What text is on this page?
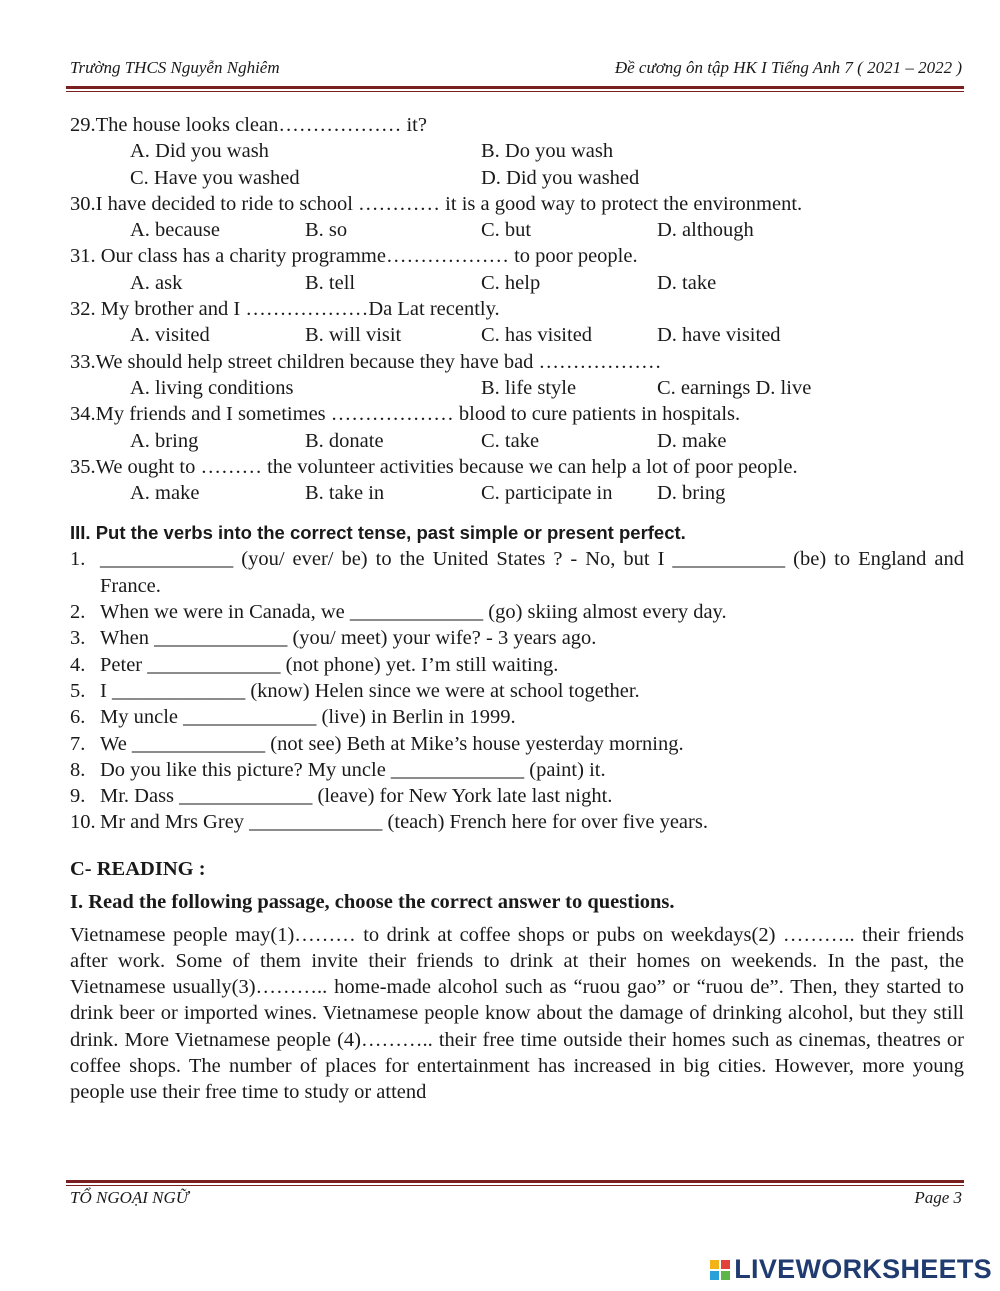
Trường THCS Nguyễn Nghiêm	Đề cương ôn tập HK I Tiếng Anh 7 ( 2021 – 2022 )
29.The house looks clean……………… it?
A. Did you wash	B. Do you wash
C. Have you washed	D. Did you washed
30.I have decided to ride to school ………… it is a good way to protect the environment.
A. because	B. so	C. but	D. although
31. Our class has a charity programme……………… to poor people.
A. ask	B. tell	C. help	D. take
32. My brother and I ………………Da Lat recently.
A. visited	B. will visit	C. has visited	D. have visited
33.We should help street children because they have bad ………………
A. living conditions	B. life style	C. earnings D. live
34.My friends and I sometimes ……………… blood to cure patients in hospitals.
A. bring	B. donate	C. take	D. make
35.We ought to ……… the volunteer activities because we can help a lot of poor people.
A. make	B. take in	C. participate in D. bring
III. Put the verbs into the correct tense, past simple or present perfect.
1. _____________ (you/ ever/ be) to the United States ? - No, but I ___________ (be) to England and France.
2. When we were in Canada, we _____________ (go) skiing almost every day.
3. When _____________ (you/ meet) your wife? - 3 years ago.
4. Peter _____________ (not phone) yet. I’m still waiting.
5. I _____________ (know) Helen since we were at school together.
6. My uncle _____________ (live) in Berlin in 1999.
7. We _____________ (not see) Beth at Mike’s house yesterday morning.
8. Do you like this picture? My uncle _____________ (paint) it.
9. Mr. Dass _____________ (leave) for New York late last night.
10. Mr and Mrs Grey _____________ (teach) French here for over five years.
C- READING :
I. Read the following passage, choose the correct answer to questions.
Vietnamese people may(1)……… to drink at coffee shops or pubs on weekdays(2) ……….. their friends after work. Some of them invite their friends to drink at their homes on weekends. In the past, the Vietnamese usually(3)……….. home-made alcohol such as “ruou gao” or “ruou de”. Then, they started to drink beer or imported wines. Vietnamese people know about the damage of drinking alcohol, but they still drink. More Vietnamese people (4)……….. their free time outside their homes such as cinemas, theatres or coffee shops. The number of places for entertainment has increased in big cities. However, more young people use their free time to study or attend
TỔ NGOẠI NGỮ	Page 3
LIVEWORKSHEETS
